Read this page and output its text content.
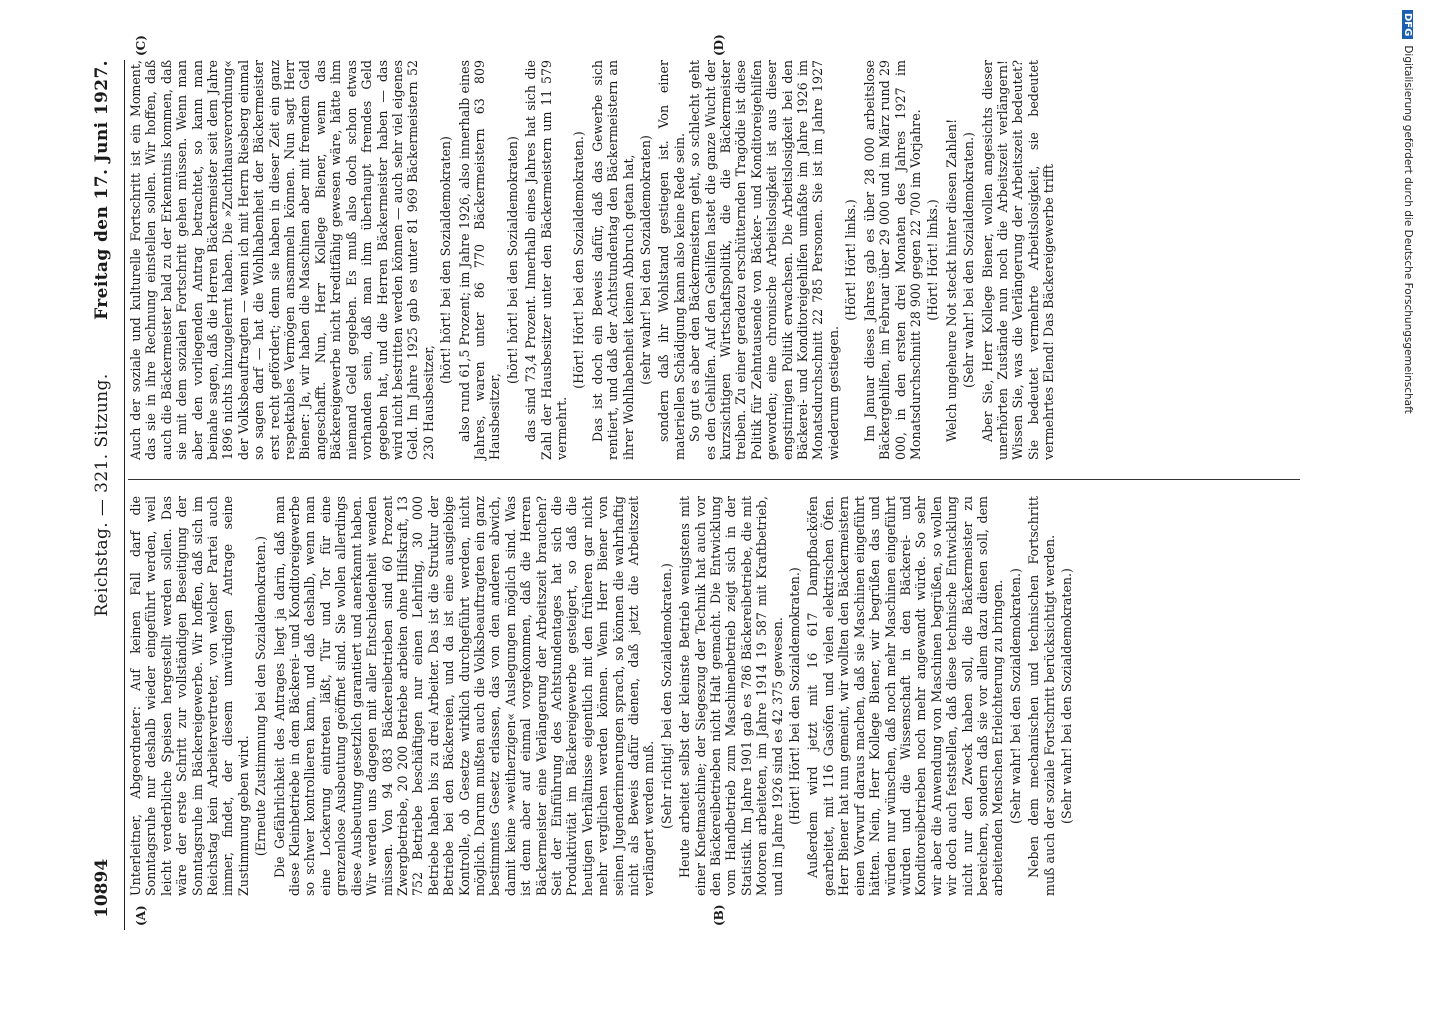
10894
Reichstag. — 321. Sitzung.
Freitag den 17. Juni 1927.
(A)	(B)
(C)	(D)

Unterleitner, Abgeordneter: Auf keinen Fall darf die Sonntagsruhe nur deshalb wieder eingeführt werden, weil leicht verderbliche Speisen hergestellt werden sollen. Das wäre der erste Schritt zur vollständigen Beseitigung der Sonntagsruhe im Bäckereigewerbe. Wir hoffen, daß sich im Reichstag kein Arbeitervertreter, von welcher Partei auch immer, findet, der diesem unwürdigen Antrage seine Zustimmung geben wird. (Erneute Zustimmung bei den Sozialdemokraten.) Die Gefährlichkeit des Antrages liegt ja darin, daß man diese Kleinbetriebe in dem Bäckerei- und Konditoreigewerbe so schwer kontrollieren kann, und daß deshalb, wenn man eine Lockerung eintreten läßt, Tür und Tor für eine grenzenlose Ausbeutung geöffnet sind. Sie wollen allerdings diese Ausbeutung gesetzlich garantiert und anerkannt haben. Wir werden uns dagegen mit aller Entschiedenheit wenden müssen. Von 94 083 Bäckereibetrieben sind 60 Prozent Zwergbetriebe, 20 200 Betriebe arbeiten ohne Hilfskraft, 13 752 Betriebe beschäftigen nur einen Lehrling, 30 000 Betriebe haben bis zu drei Arbeiter. Das ist die Struktur der Betriebe bei den Bäckereien, und da ist eine ausgiebige Kontrolle, ob Gesetze wirklich durchgeführt werden, nicht möglich. Darum mußten auch die Volksbeauftragten ein ganz bestimmtes Gesetz erlassen, das von den anderen abwich, damit keine »weitherzigen« Auslegungen möglich sind. Was ist denn aber auf einmal vorgekommen, daß die Herren Bäckermeister eine Verlängerung der Arbeitszeit brauchen? Seit der Einführung des Achtstundentages hat sich die Produktivität im Bäckereigewerbe gesteigert, so daß die heutigen Verhältnisse eigentlich mit den früheren gar nicht mehr verglichen werden können. Wenn Herr Biener von seinen Jugenderinnerungen sprach, so können die wahrhaftig nicht als Beweis dafür dienen, daß jetzt die Arbeitszeit verlängert werden muß. (Sehr richtig! bei den Sozialdemokraten.) Heute arbeitet selbst der kleinste Betrieb wenigstens mit einer Knetmaschine; der Siegeszug der Technik hat auch vor den Bäckereibetrieben nicht Halt gemacht. Die Entwicklung vom Handbetrieb zum Maschinenbetrieb zeigt sich in der Statistik. Im Jahre 1901 gab es 786 Bäckereibetriebe, die mit Motoren arbeiteten, im Jahre 1914 19 587 mit Kraftbetrieb, und im Jahre 1926 sind es 42 375 gewesen. (Hört! Hört! bei den Sozialdemokraten.) Außerdem wird jetzt mit 16 617 Dampfbacköfen gearbeitet, mit 116 Gasöfen und vielen elektrischen Öfen. Herr Biener hat nun gemeint, wir wollten den Bäckermeistern einen Vorwurf daraus machen, daß sie Maschinen eingeführt hätten. Nein, Herr Kollege Biener, wir begrüßen das und würden nur wünschen, daß noch mehr Maschinen eingeführt würden und die Wissenschaft in den Bäckerei- und Konditoreibetrieben noch mehr angewandt würde. So sehr wir aber die Anwendung von Maschinen begrüßen, so wollen wir doch auch feststellen, daß diese technische Entwicklung nicht nur den Zweck haben soll, die Bäckermeister zu bereichern, sondern daß sie vor allem dazu dienen soll, dem arbeitenden Menschen Erleichterung zu bringen. (Sehr wahr! bei den Sozialdemokraten.) Neben dem mechanischen und technischen Fortschritt muß auch der soziale Fortschritt berücksichtigt werden. (Sehr wahr! bei den Sozialdemokraten.)

Auch der soziale und kulturelle Fortschritt ist ein Moment, das sie in ihre Rechnung einstellen sollen. Wir hoffen, daß auch die Bäckermeister bald zu der Erkenntnis kommen, daß sie mit dem sozialen Fortschritt gehen müssen. Wenn man aber den vorliegenden Antrag betrachtet, so kann man beinahe sagen, daß die Herren Bäckermeister seit dem Jahre 1896 nichts hinzugelernt haben. Die »Zuchthausverordnung« der Volksbeauftragten — wenn ich mit Herrn Riesberg einmal so sagen darf — hat die Wohlhabenheit der Bäckermeister erst recht gefördert; denn sie haben in dieser Zeit ein ganz respektables Vermögen ansammeln können. Nun sagt Herr Biener: Ja, wir haben die Maschinen aber mit fremdem Geld angeschafft. Nun, Herr Kollege Biener, wenn das Bäckereigewerbe nicht kreditfähig gewesen wäre, hätte ihm niemand Geld gegeben. Es muß also doch schon etwas vorhanden sein, daß man ihm überhaupt fremdes Geld gegeben hat, und die Herren Bäckermeister haben — das wird nicht bestritten werden können — auch sehr viel eigenes Geld. Im Jahre 1925 gab es unter 81 969 Bäckermeistern 52 230 Hausbesitzer,

(hört! hört! bei den Sozialdemokraten) also rund 61,5 Prozent; im Jahre 1926, also innerhalb eines Jahres, waren unter 86 770 Bäckermeistern 63 809 Hausbesitzer,

(hört! hört! bei den Sozialdemokraten) das sind 73,4 Prozent. Innerhalb eines Jahres hat sich die Zahl der Hausbesitzer unter den Bäckermeistern um 11 579 vermehrt.

(Hört! Hört! bei den Sozialdemokraten.) Das ist doch ein Beweis dafür, daß das Gewerbe sich rentiert, und daß der Achtstundentag den Bäckermeistern an ihrer Wohlhabenheit keinen Abbruch getan hat, (sehr wahr! bei den Sozialdemokraten) sondern daß ihr Wohlstand gestiegen ist. Von einer materiellen Schädigung kann also keine Rede sein. So gut es aber den Bäckermeistern geht, so schlecht geht es den Gehilfen. Auf den Gehilfen lastet die ganze Wucht der kurzsichtigen Wirtschaftspolitik, die die Bäckermeister treiben. Zu einer geradezu erschütternden Tragödie ist diese Politik für Zehntausende von Bäcker- und Konditoreigehilfen geworden; eine chronische Arbeitslosigkeit ist aus dieser engstirnigen Politik erwachsen. Die Arbeitslosigkeit bei den Bäckerei- und Konditoreigehilfen umfaßte im Jahre 1926 im Monatsdurchschnitt 22 785 Personen. Sie ist im Jahre 1927 wiederum gestiegen.

(Hört! Hört! links.) Im Januar dieses Jahres gab es über 28 000 arbeitslose Bäckergehilfen, im Februar über 29 000 und im März rund 29 000, in den ersten drei Monaten des Jahres 1927 im Monatsdurchschnitt 28 900 gegen 22 700 im Vorjahre. (Hört! Hört! links.) Welch ungeheure Not steckt hinter diesen Zahlen! (Sehr wahr! bei den Sozialdemokraten.) Aber Sie, Herr Kollege Biener, wollen angesichts dieser unerhörten Zustände nun noch die Arbeitszeit verlängern! Wissen Sie, was die Verlängerung der Arbeitszeit bedeutet? Sie bedeutet vermehrte Arbeitslosigkeit, sie bedeutet vermehrtes Elend! Das Bäckereigewerbe trifft

DFGDigitalisierung gefördert durch die Deutsche Forschungsgemeinschaft
